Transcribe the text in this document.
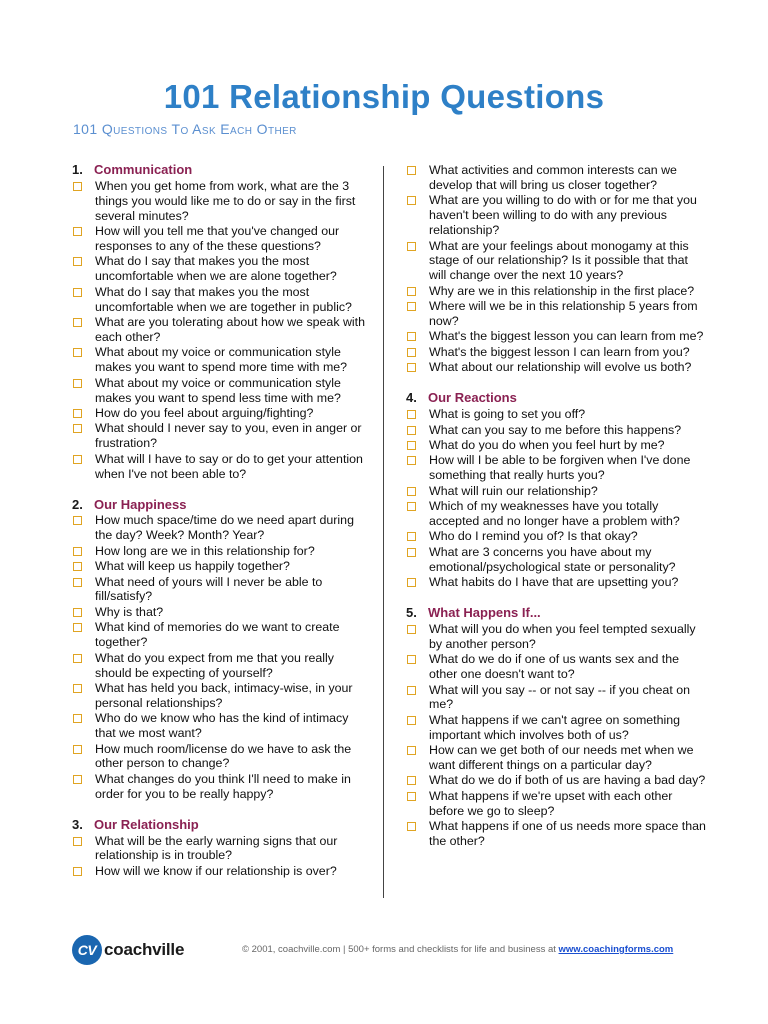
101 Relationship Questions
101 Questions To Ask Each Other
1. Communication
When you get home from work, what are the 3 things you would like me to do or say in the first several minutes?
How will you tell me that you've changed our responses to any of the these questions?
What do I say that makes you the most uncomfortable when we are alone together?
What do I say that makes you the most uncomfortable when we are together in public?
What are you tolerating about how we speak with each other?
What about my voice or communication style makes you want to spend more time with me?
What about my voice or communication style makes you want to spend less time with me?
How do you feel about arguing/fighting?
What should I never say to you, even in anger or frustration?
What will I have to say or do to get your attention when I've not been able to?
2. Our Happiness
How much space/time do we need apart during the day? Week? Month? Year?
How long are we in this relationship for?
What will keep us happily together?
What need of yours will I never be able to fill/satisfy?
Why is that?
What kind of memories do we want to create together?
What do you expect from me that you really should be expecting of yourself?
What has held you back, intimacy-wise, in your personal relationships?
Who do we know who has the kind of intimacy that we most want?
How much room/license do we have to ask the other person to change?
What changes do you think I'll need to make in order for you to be really happy?
3. Our Relationship
What will be the early warning signs that our relationship is in trouble?
How will we know if our relationship is over?
What activities and common interests can we develop that will bring us closer together?
What are you willing to do with or for me that you haven't been willing to do with any previous relationship?
What are your feelings about monogamy at this stage of our relationship? Is it possible that that will change over the next 10 years?
Why are we in this relationship in the first place?
Where will we be in this relationship 5 years from now?
What's the biggest lesson you can learn from me?
What's the biggest lesson I can learn from you?
What about our relationship will evolve us both?
4. Our Reactions
What is going to set you off?
What can you say to me before this happens?
What do you do when you feel hurt by me?
How will I be able to be forgiven when I've done something that really hurts you?
What will ruin our relationship?
Which of my weaknesses have you totally accepted and no longer have a problem with?
Who do I remind you of? Is that okay?
What are 3 concerns you have about my emotional/psychological state or personality?
What habits do I have that are upsetting you?
5. What Happens If...
What will you do when you feel tempted sexually by another person?
What do we do if one of us wants sex and the other one doesn't want to?
What will you say -- or not say -- if you cheat on me?
What happens if we can't agree on something important which involves both of us?
How can we get both of our needs met when we want different things on a particular day?
What do we do if both of us are having a bad day?
What happens if we're upset with each other before we go to sleep?
What happens if one of us needs more space than the other?
CV coachville	© 2001, coachville.com | 500+ forms and checklists for life and business at www.coachingforms.com
